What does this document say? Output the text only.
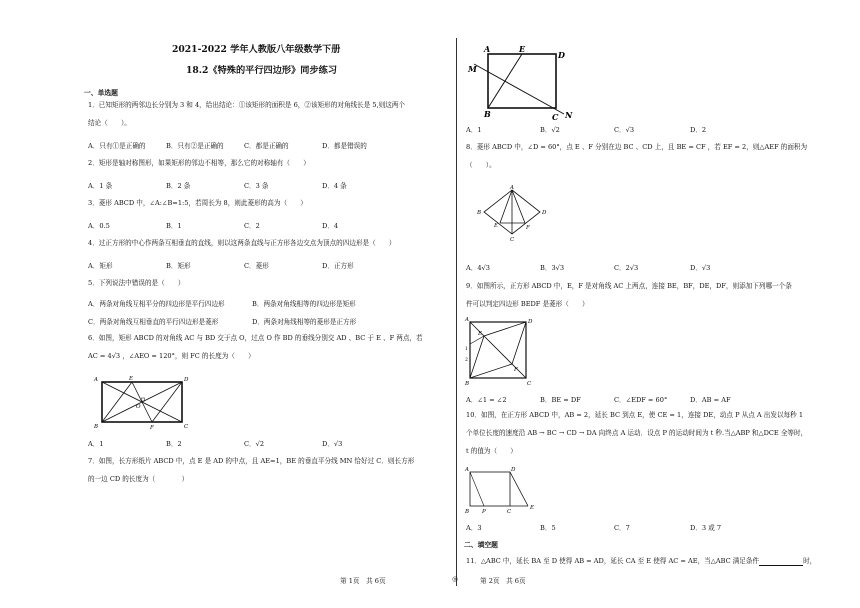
2021-2022 学年人教版八年级数学下册
18.2《特殊的平行四边形》同步练习
一、单选题
1．已知矩形的两邻边长分别为 3 和 4，给出结论：①该矩形的面积是 6，②该矩形的对角线长是 5,则这两个
结论（　　）。
A．只有①是正确的	B．只有②是正确的	C．都是正确的	D．都是错误的
2．矩形是轴对称图形，如果矩形的邻边不相等，那么它的对称轴有（　　）
A．1 条	B．2 条	C．3 条	D．4 条
3．菱形 ABCD 中，∠A:∠B=1:5，若周长为 8，则此菱形的高为（　　）
A．0.5	B．1	C．2	D．4
4．过正方形的中心作两条互相垂直的直线，则以这两条直线与正方形各边交点为顶点的四边形是（　　）
A．矩形	B．矩形	C．菱形	D．正方形
5．下列说法中错误的是（　　）
A．两条对角线互相平分的四边形是平行四边形	B．两条对角线相等的四边形是矩形
C．两条对角线互相垂直的平行四边形是菱形	D．两条对角线相等的菱形是正方形
6．如图，矩形 ABCD 的对角线 AC 与 BD 交于点 O，过点 O 作 BD 的垂线分别交 AD 、BC 于 E 、F 两点，若
AC = 4√3 ，∠AEO = 120°，则 FC 的长度为（　　）
A	E	D
O
B	F	C
A．1	B．2	C．√2	D．√3
7．如图，长方形纸片 ABCD 中，点 E 是 AD 的中点，且 AE=1，BE 的垂直平分线 MN 恰好过 C．则长方形
的一边 CD 的长度为（　　　　）
A	E
D
M
B	C N
A．1	B．√2	C．√3	D．2
8．菱形 ABCD 中，∠D = 60°，点 E 、F 分别在边 BC 、CD 上，且 BE = CF ，若 EF = 2，则△AEF 的面积为
（　　）。
A
B	D
C
E	F
A．4√3	B．3√3	C．2√3	D．√3
9．如图所示，正方形 ABCD 中，E，F 是对角线 AC 上两点，连接 BE，BF，DE，DF，则添加下列哪一个条
件可以判定四边形 BEDF 是菱形（　　）
A	D
E
F
B	C
1
2
A．∠1 = ∠2	B．BE = DF	C．∠EDF = 60°	D．AB = AF
10．如图，在正方形 ABCD 中，AB = 2，延长 BC 到点 E，使 CE = 1，连接 DE，动点 P 从点 A 出发以每秒 1
个单位长度的速度沿 AB → BC → CD → DA 向终点 A 运动．设点 P 的运动时间为 t 秒.当△ABP 和△DCE 全等时，
t 的值为（　　）
A	D
B P	C
E
A．3	B．5	C．7	D．3 或 7
二、填空题
11．△ABC 中，延长 BA 至 D 使得 AB = AD，延长 CA 至 E 使得 AC = AE，当△ABC 满足条件	时，
第 1页　共 6页	◎	第 2页　共 6页
